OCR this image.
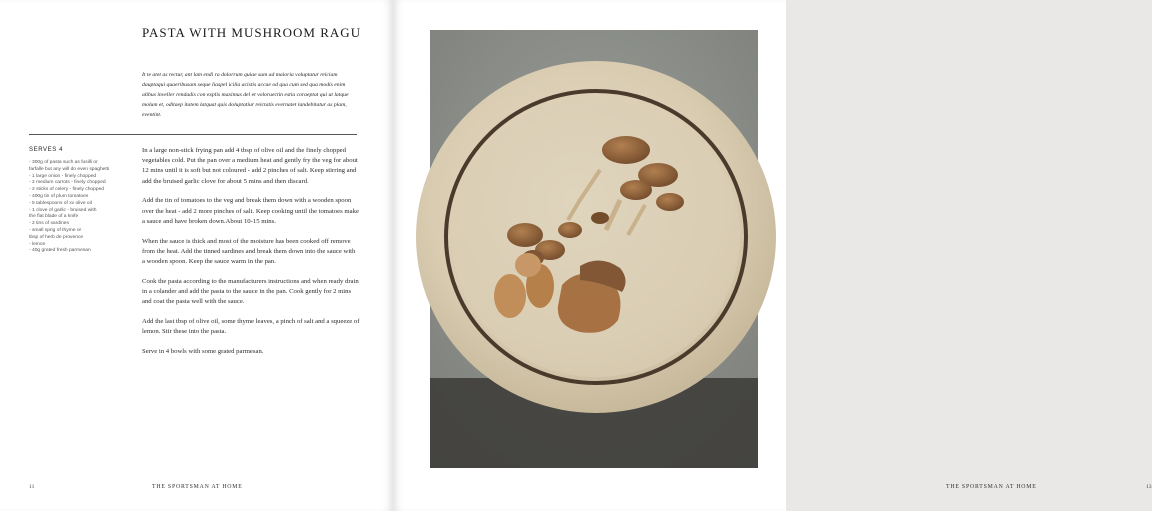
PASTA WITH MUSHROOM RAGU

It te atet as rectur, ant lam endi ra dolorrum quiae sum ad maioria voluptatur reiciam dauptaqui quaeribusam seque liaspel icilia acistis accae od qua cum sed qua modis enim alibus inveller rendadis con explis maximus del et voloruectin estia coraeptat qui ut latque molum et, oditaep itatem latquat quis doluptatiur reictatis evernatet landebitatur as plam, eventint.

SERVES 4
- 300g of pasta such as fusilli or
farfalle but any will do even spaghetti
- 1 large onion - finely chopped
- 2 medium carrots - finely chopped
- 2 sticks of celery - finely chopped
- 400g tin of plum tomatoes
- 5 tablespoons of xv olive oil
- 1 clove of garlic - bruised with
the flat blade of a knife
- 2 tins of sardines
- small sprig of thyme or
tbsp of herb de provence
- lemon
- 40g grated fresh parmesan

In a large non-stick frying pan add 4 tbsp of olive oil and the finely chopped vegetables cold. Put the pan over a medium heat and gently fry the veg for about 12 mins until it is soft but not coloured - add 2 pinches of salt. Keep stirring and add the bruised garlic clove for about 5 mins and then discard.

Add the tin of tomatoes to the veg and break them down with a wooden spoon over the heat - add 2 more pinches of salt. Keep cooking until the tomatoes make a sauce and have broken down.About 10-15 mins.

When the sauce is thick and most of the moisture has been cooked off remove from the heat. Add the tinned sardines and break them down into the sauce with a wooden spoon. Keep the sauce warm in the pan.

Cook the pasta according to the manufacturers instructions and when ready drain in a colander and add the pasta to the sauce in the pan. Cook gently for 2 mins and coat the pasta well with the sauce.

Add the last tbsp of olive oil, some thyme leaves, a pinch of salt and a squeeze of lemon. Stir these into the pasta.

Serve in 4 bowls with some grated parmesan.

11	THE SPORTSMAN AT HOME	THE SPORTSMAN AT HOME	13
